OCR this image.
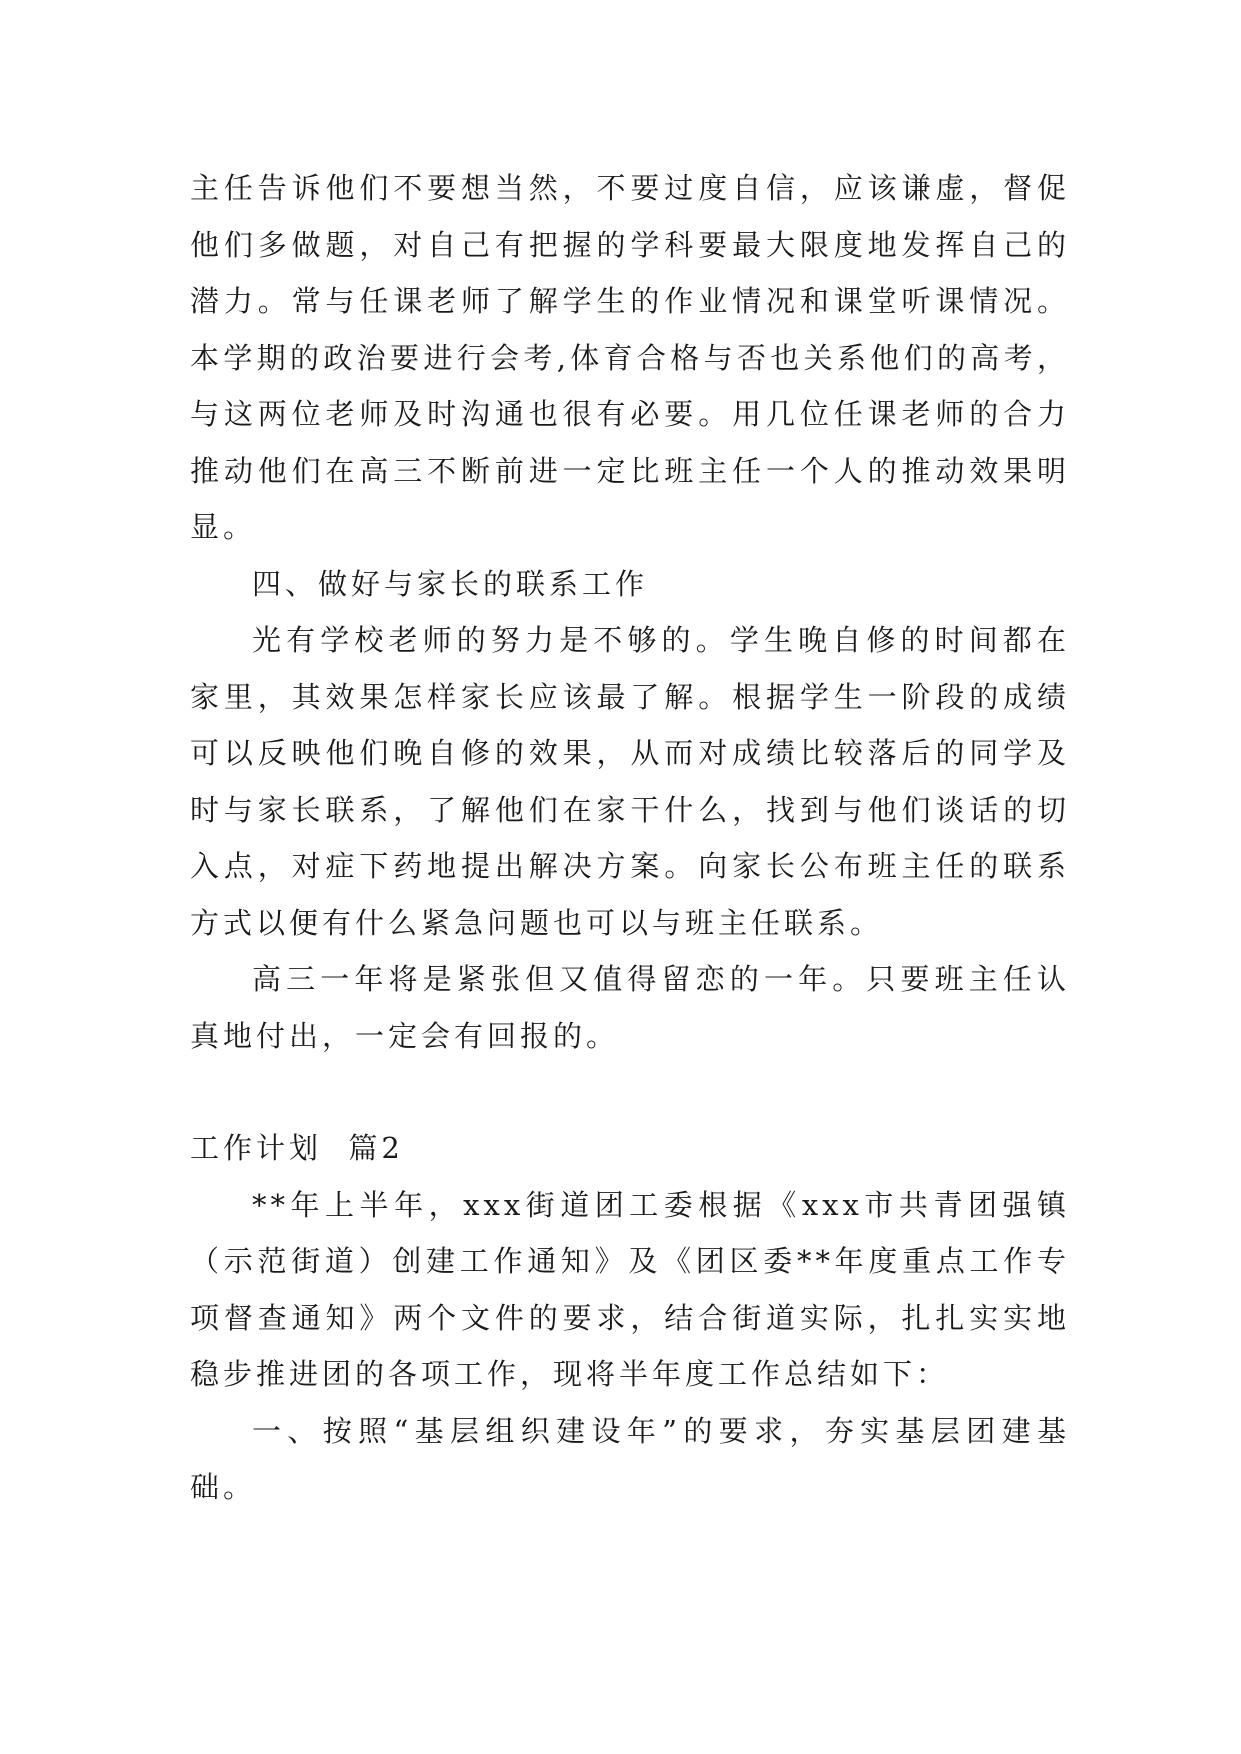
主任告诉他们不要想当然，不要过度自信，应该谦虚，督促他们多做题，对自己有把握的学科要最大限度地发挥自己的潜力。常与任课老师了解学生的作业情况和课堂听课情况。本学期的政治要进行会考,体育合格与否也关系他们的高考，与这两位老师及时沟通也很有必要。用几位任课老师的合力推动他们在高三不断前进一定比班主任一个人的推动效果明显。

四、做好与家长的联系工作

光有学校老师的努力是不够的。学生晚自修的时间都在家里，其效果怎样家长应该最了解。根据学生一阶段的成绩可以反映他们晚自修的效果，从而对成绩比较落后的同学及时与家长联系，了解他们在家干什么，找到与他们谈话的切入点，对症下药地提出解决方案。向家长公布班主任的联系方式以便有什么紧急问题也可以与班主任联系。

高三一年将是紧张但又值得留恋的一年。只要班主任认真地付出，一定会有回报的。

工作计划  篇2

**年上半年，xxx街道团工委根据《xxx市共青团强镇（示范街道）创建工作通知》及《团区委**年度重点工作专项督查通知》两个文件的要求，结合街道实际，扎扎实实地稳步推进团的各项工作，现将半年度工作总结如下：

一、按照“基层组织建设年”的要求，夯实基层团建基础。
